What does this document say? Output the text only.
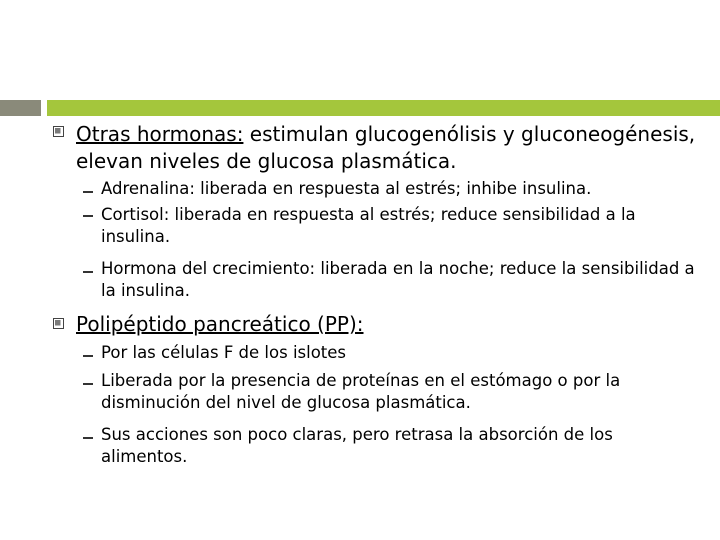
Otras hormonas: estimulan glucogenólisis y gluconeogénesis, elevan niveles de glucosa plasmática.
Adrenalina: liberada en respuesta al estrés; inhibe insulina.
Cortisol: liberada en respuesta al estrés; reduce sensibilidad a la insulina.
Hormona del crecimiento: liberada en la noche; reduce la sensibilidad a la insulina.
Polipéptido pancreático (PP):
Por las células F de los islotes
Liberada por la presencia de proteínas en el estómago o por la disminución del nivel de glucosa plasmática.
Sus acciones son poco claras, pero retrasa la absorción de los alimentos.
